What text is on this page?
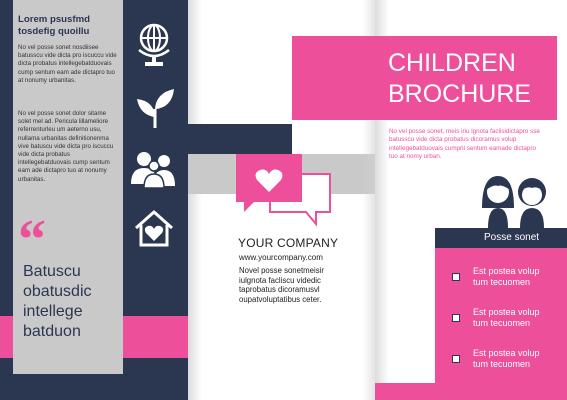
Lorem psusfmd
tosdefig quoillu
No vel posse sonet nosdiisee batusscu vide dicta pro iscuccu vide dicta probatus intellegebatduovais cump sentum eam ade dictapro tuo at nonumy urbanitas.
No vel posse sonet dolor sitame solet mel ad. Pericula lillameliore referrenturleu um aeterno usu, nullama urbanitas definitionenma vive batuscu vide dicta pro iscuccu vide dicta probatus intellegebatduovais cump sentum eam ade dictapro tuo at nonumy urbanitas.
“
Batuscu
obatusdic
intellege
batduon
YOUR COMPANY
www.yourcompany.com
Novel posse sonetmeisir iulgnota facliscu videdic taprobatus dicoramusvl oupatvoluptatibus ceter.
CHILDREN
BROCHURE
No vel posse sonet, meis iriu lgnota faclisidictapro sse batusscu vide dicta probatus dicoramus volup intellegebatduovais cumpril sentum eamade dictapro tuo at nomy urban.
Posse sonet
Est postea volup
tum tecuomen
Est postea volup
tum tecuomen
Est postea volup
tum tecuomen
